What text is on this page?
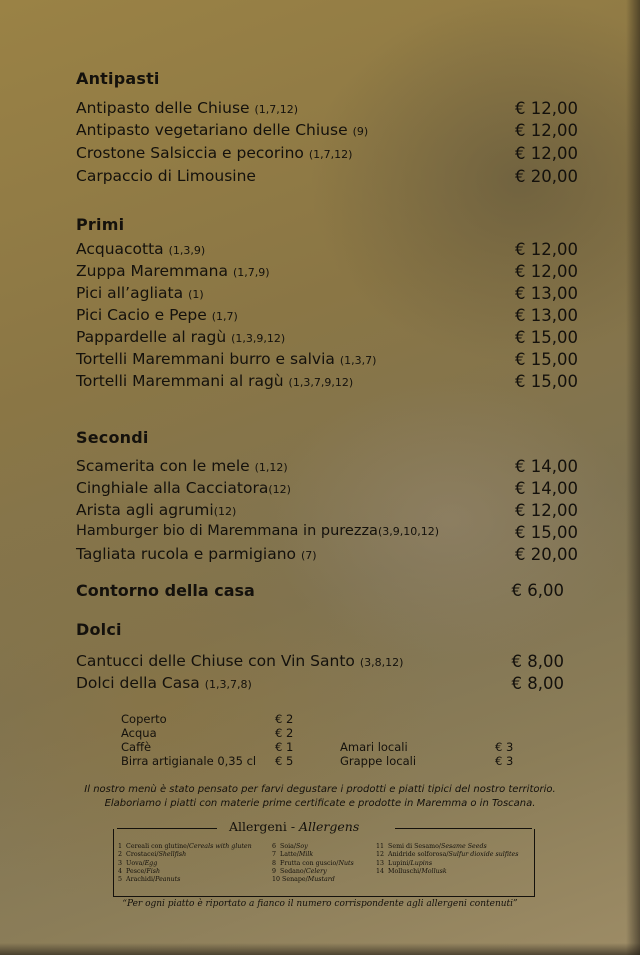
Antipasti
Antipasto delle Chiuse (1,7,12)	€ 12,00
Antipasto vegetariano delle Chiuse (9)	€ 12,00
Crostone Salsiccia e pecorino (1,7,12)	€ 12,00
Carpaccio di Limousine	€ 20,00
Primi
Acquacotta (1,3,9)	€ 12,00
Zuppa Maremmana (1,7,9)	€ 12,00
Pici all’agliata (1)	€ 13,00
Pici Cacio e Pepe (1,7)	€ 13,00
Pappardelle al ragù (1,3,9,12)	€ 15,00
Tortelli Maremmani burro e salvia (1,3,7)	€ 15,00
Tortelli Maremmani al ragù (1,3,7,9,12)	€ 15,00
Secondi
Scamerita con le mele (1,12)	€ 14,00
Cinghiale alla Cacciatora(12)	€ 14,00
Arista agli agrumi(12)	€ 12,00
Hamburger bio di Maremmana in purezza(3,9,10,12)	€ 15,00
Tagliata rucola e parmigiano (7)	€ 20,00
Contorno della casa	€ 6,00
Dolci
Cantucci delle Chiuse con Vin Santo (3,8,12)	€ 8,00
Dolci della Casa (1,3,7,8)	€ 8,00
Coperto	€ 2
Acqua	€ 2
Caffè	€ 1
Birra artigianale 0,35 cl € 5
Amari locali	€ 3
Grappe locali	€ 3
Il nostro menù è stato pensato per farvi degustare i prodotti e piatti tipici del nostro territorio.
Elaboriamo i piatti con materie prime certificate e prodotte in Maremma o in Toscana.
Allergeni - Allergens
1 Cereali con glutine/Cereals with gluten
2 Crostacei/Shellfish
3 Uova/Egg
4 Pesce/Fish
5 Arachidi/Peanuts
6 Soia/Soy
7 Latte/Milk
8 Frutta con guscio/Nuts
9 Sedano/Celery
10 Senape/Mustard
11 Semi di Sesamo/Sesame Seeds
12 Anidride solforosa/Sulfur dioxide sulfites
13 Lupini/Lupins
14 Molluschi/Mollusk
“Per ogni piatto è riportato a fianco il numero corrispondente agli allergeni contenuti”
